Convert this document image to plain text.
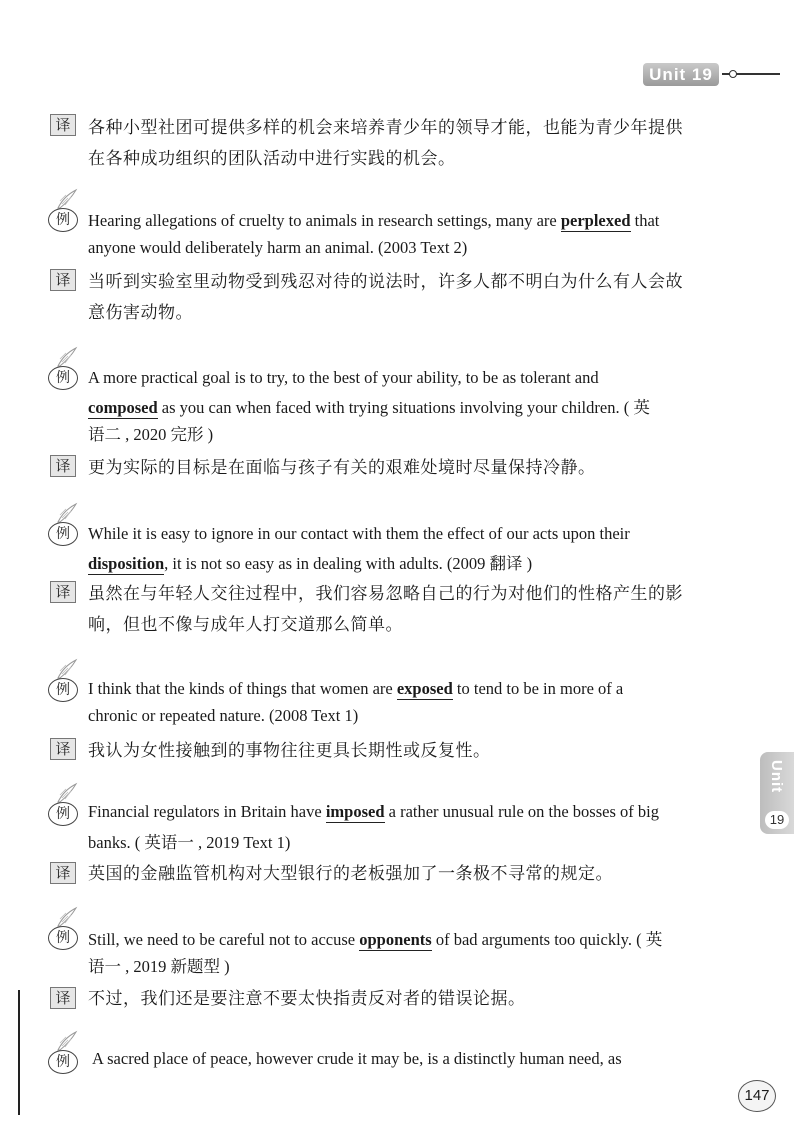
Unit 19
译	各种小型社团可提供多样的机会来培养青少年的领导才能，也能为青少年提供
在各种成功组织的团队活动中进行实践的机会。
例	Hearing allegations of cruelty to animals in research settings, many are perplexed that
anyone would deliberately harm an animal. (2003 Text 2)
译	当听到实验室里动物受到残忍对待的说法时，许多人都不明白为什么有人会故
意伤害动物。
例	A more practical goal is to try, to the best of your ability, to be as tolerant and
composed as you can when faced with trying situations involving your children. ( 英
语二 , 2020 完形 )
译	更为实际的目标是在面临与孩子有关的艰难处境时尽量保持冷静。
例	While it is easy to ignore in our contact with them the effect of our acts upon their
disposition, it is not so easy as in dealing with adults. (2009 翻译 )
译	虽然在与年轻人交往过程中，我们容易忽略自己的行为对他们的性格产生的影
响，但也不像与成年人打交道那么简单。
例	I think that the kinds of things that women are exposed to tend to be in more of a
chronic or repeated nature. (2008 Text 1)
译	我认为女性接触到的事物往往更具长期性或反复性。
例	Financial regulators in Britain have imposed a rather unusual rule on the bosses of big
banks. ( 英语一 , 2019 Text 1)
译	英国的金融监管机构对大型银行的老板强加了一条极不寻常的规定。
例	Still, we need to be careful not to accuse opponents of bad arguments too quickly. ( 英
语一 , 2019 新题型 )
译	不过，我们还是要注意不要太快指责反对者的错误论据。
例	A sacred place of peace, however crude it may be, is a distinctly human need, as
Unit
19
147
